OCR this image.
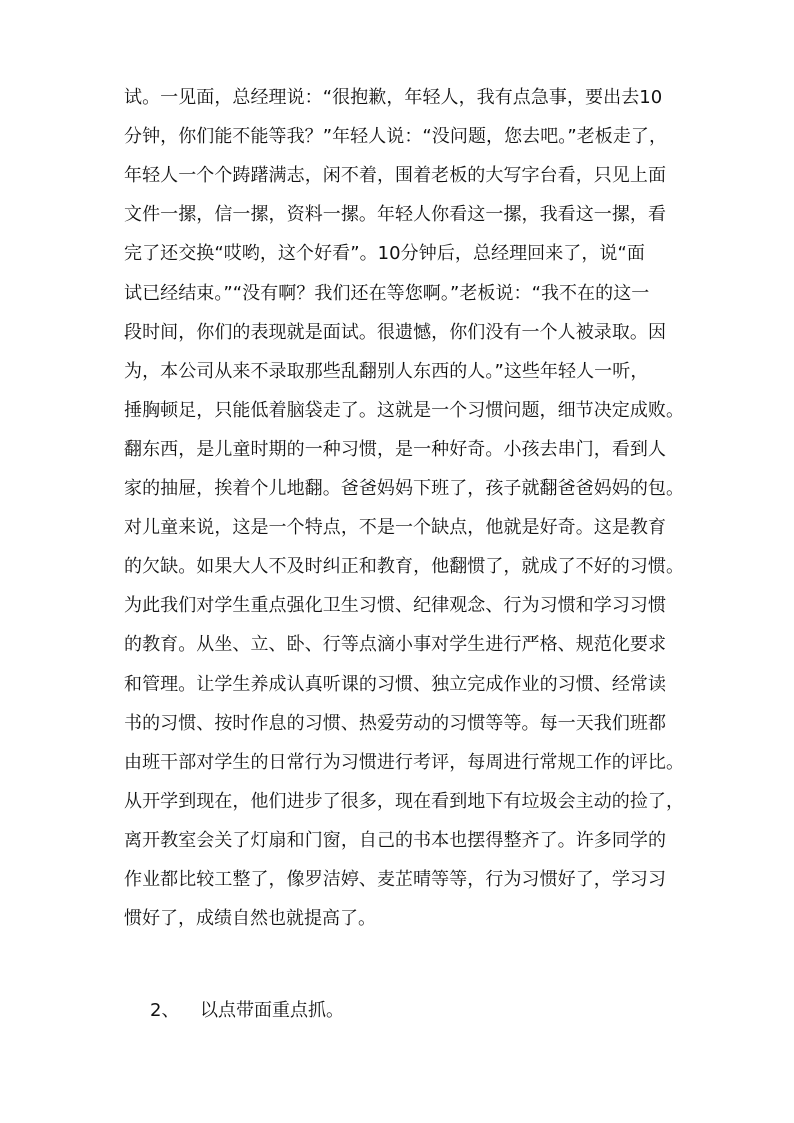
试。一见面，总经理说：“很抱歉，年轻人，我有点急事，要出去10
分钟，你们能不能等我？”年轻人说：“没问题，您去吧。”老板走了，
年轻人一个个踌躇满志，闲不着，围着老板的大写字台看，只见上面
文件一摞，信一摞，资料一摞。年轻人你看这一摞，我看这一摞，看
完了还交换“哎哟，这个好看”。10分钟后，总经理回来了，说“面
试已经结束。”“没有啊？我们还在等您啊。”老板说：“我不在的这一
段时间，你们的表现就是面试。很遗憾，你们没有一个人被录取。因
为，本公司从来不录取那些乱翻别人东西的人。”这些年轻人一听，
捶胸顿足，只能低着脑袋走了。这就是一个习惯问题，细节决定成败。
翻东西，是儿童时期的一种习惯，是一种好奇。小孩去串门，看到人
家的抽屉，挨着个儿地翻。爸爸妈妈下班了，孩子就翻爸爸妈妈的包。
对儿童来说，这是一个特点，不是一个缺点，他就是好奇。这是教育
的欠缺。如果大人不及时纠正和教育，他翻惯了，就成了不好的习惯。
为此我们对学生重点强化卫生习惯、纪律观念、行为习惯和学习习惯
的教育。从坐、立、卧、行等点滴小事对学生进行严格、规范化要求
和管理。让学生养成认真听课的习惯、独立完成作业的习惯、经常读
书的习惯、按时作息的习惯、热爱劳动的习惯等等。每一天我们班都
由班干部对学生的日常行为习惯进行考评，每周进行常规工作的评比。
从开学到现在，他们进步了很多，现在看到地下有垃圾会主动的捡了，
离开教室会关了灯扇和门窗，自己的书本也摆得整齐了。许多同学的
作业都比较工整了，像罗洁婷、麦芷晴等等，行为习惯好了，学习习
惯好了，成绩自然也就提高了。
2、 以点带面重点抓。
